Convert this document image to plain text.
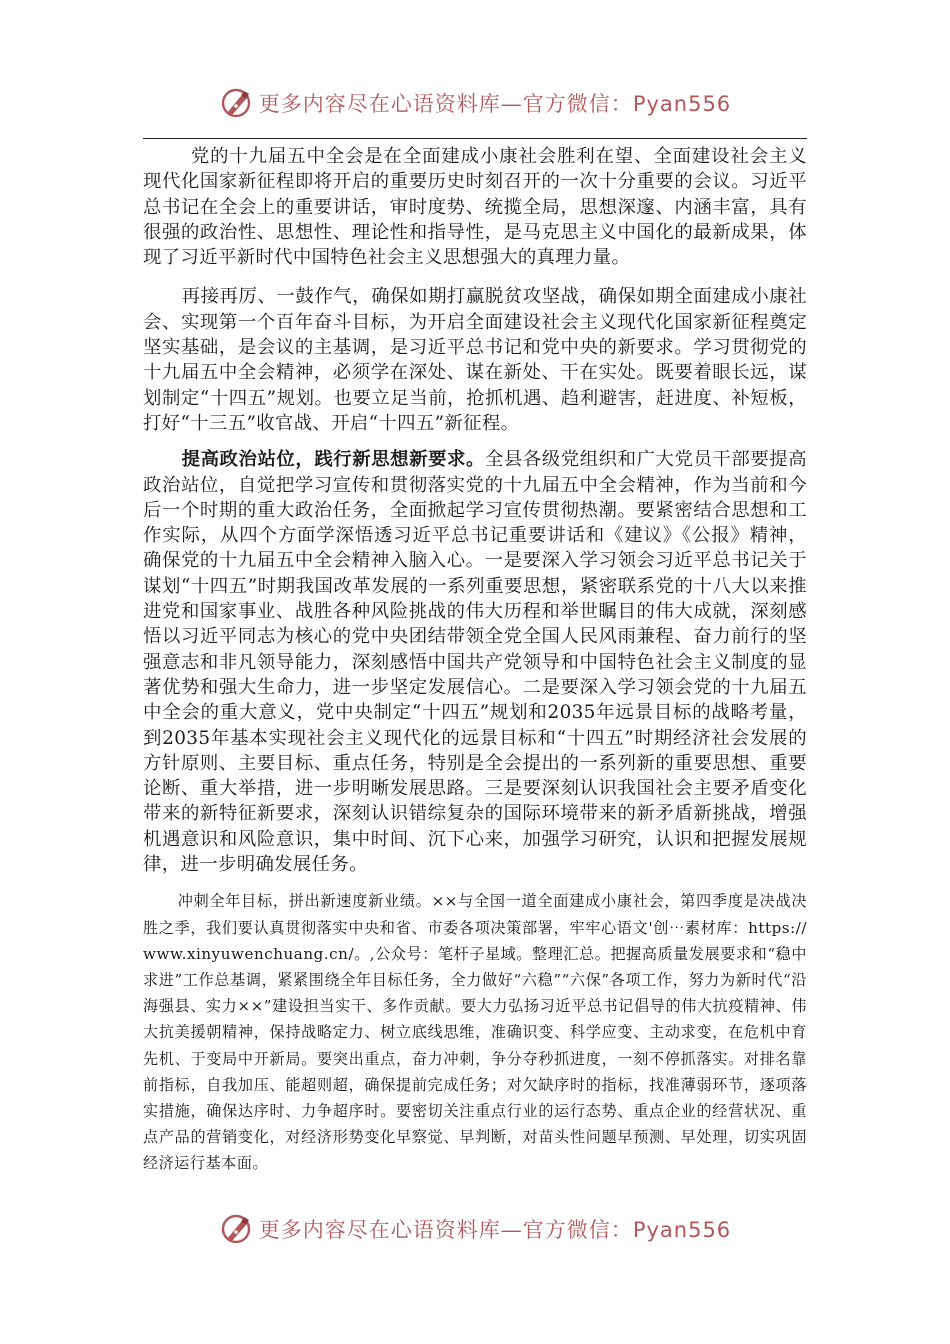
更多内容尽在心语资料库—官方微信：Pyan556

党的十九届五中全会是在全面建成小康社会胜利在望、全面建设社会主义现代化国家新征程即将开启的重要历史时刻召开的一次十分重要的会议。习近平总书记在全会上的重要讲话，审时度势、统揽全局，思想深邃、内涵丰富，具有很强的政治性、思想性、理论性和指导性，是马克思主义中国化的最新成果，体现了习近平新时代中国特色社会主义思想强大的真理力量。

再接再厉、一鼓作气，确保如期打赢脱贫攻坚战，确保如期全面建成小康社会、实现第一个百年奋斗目标，为开启全面建设社会主义现代化国家新征程奠定坚实基础，是会议的主基调，是习近平总书记和党中央的新要求。学习贯彻党的十九届五中全会精神，必须学在深处、谋在新处、干在实处。既要着眼长远，谋划制定“十四五”规划。也要立足当前，抢抓机遇、趋利避害，赶进度、补短板，打好“十三五”收官战、开启“十四五”新征程。

提高政治站位，践行新思想新要求。全县各级党组织和广大党员干部要提高政治站位，自觉把学习宣传和贯彻落实党的十九届五中全会精神，作为当前和今后一个时期的重大政治任务，全面掀起学习宣传贯彻热潮。要紧密结合思想和工作实际，从四个方面学深悟透习近平总书记重要讲话和《建议》《公报》精神，确保党的十九届五中全会精神入脑入心。一是要深入学习领会习近平总书记关于谋划“十四五”时期我国改革发展的一系列重要思想，紧密联系党的十八大以来推进党和国家事业、战胜各种风险挑战的伟大历程和举世瞩目的伟大成就，深刻感悟以习近平同志为核心的党中央团结带领全党全国人民风雨兼程、奋力前行的坚强意志和非凡领导能力，深刻感悟中国共产党领导和中国特色社会主义制度的显著优势和强大生命力，进一步坚定发展信心。二是要深入学习领会党的十九届五中全会的重大意义，党中央制定“十四五”规划和2035年远景目标的战略考量，到2035年基本实现社会主义现代化的远景目标和“十四五”时期经济社会发展的方针原则、主要目标、重点任务，特别是全会提出的一系列新的重要思想、重要论断、重大举措，进一步明晰发展思路。三是要深刻认识我国社会主要矛盾变化带来的新特征新要求，深刻认识错综复杂的国际环境带来的新矛盾新挑战，增强机遇意识和风险意识，集中时间、沉下心来，加强学习研究，认识和把握发展规律，进一步明确发展任务。

冲刺全年目标，拼出新速度新业绩。××与全国一道全面建成小康社会，第四季度是决战决胜之季，我们要认真贯彻落实中央和省、市委各项决策部署，牢牢心语文'创⋯素材库：https://www.xinyuwenchuang.cn/。,公众号：笔杆子星域。整理汇总。把握高质量发展要求和“稳中求进”工作总基调，紧紧围绕全年目标任务，全力做好“六稳”“六保”各项工作，努力为新时代“沿海强县、实力××”建设担当实干、多作贡献。要大力弘扬习近平总书记倡导的伟大抗疫精神、伟大抗美援朝精神，保持战略定力、树立底线思维，准确识变、科学应变、主动求变，在危机中育先机、于变局中开新局。要突出重点，奋力冲刺，争分夺秒抓进度，一刻不停抓落实。对排名靠前指标，自我加压、能超则超，确保提前完成任务；对欠缺序时的指标，找准薄弱环节，逐项落实措施，确保达序时、力争超序时。要密切关注重点行业的运行态势、重点企业的经营状况、重点产品的营销变化，对经济形势变化早察觉、早判断，对苗头性问题早预测、早处理，切实巩固经济运行基本面。

更多内容尽在心语资料库—官方微信：Pyan556
